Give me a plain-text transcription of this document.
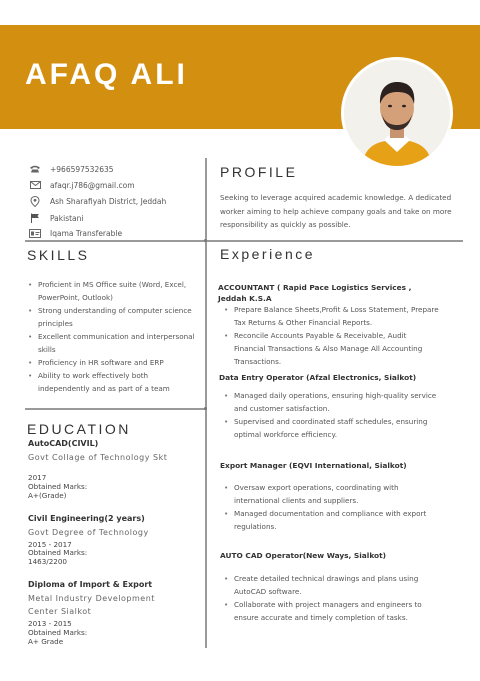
AFAQ ALI
+966597532635
afaqr.j786@gmail.com
Ash Sharafiyah District, Jeddah
Pakistani
Iqama Transferable
PROFILE

Seeking to leverage acquired academic knowledge. A dedicated worker aiming to help achieve company goals and take on more responsibility as quickly as possible.

SKILLS
• Proficient in MS Office suite (Word, Excel, PowerPoint, Outlook)
• Strong understanding of computer science principles
• Excellent communication and interpersonal skills
• Proficiency in HR software and ERP
• Ability to work effectively both independently and as part of a team
Experience

ACCOUNTANT ( Rapid Pace Logistics Services , Jeddah K.S.A

• Prepare Balance Sheets,Profit & Loss Statement, Prepare Tax Returns & Other Financial Reports.
• Reconcile Accounts Payable & Receivable, Audit Financial Transactions & Also Manage All Accounting Transactions.

Data Entry Operator (Afzal Electronics, Sialkot)

• Managed daily operations, ensuring high-quality service and customer satisfaction.
• Supervised and coordinated staff schedules, ensuring optimal workforce efficiency.

Export Manager (EQVI International, Sialkot)

• Oversaw export operations, coordinating with international clients and suppliers.
• Managed documentation and compliance with export regulations.

AUTO CAD Operator(New Ways, Sialkot)

• Create detailed technical drawings and plans using AutoCAD software.
• Collaborate with project managers and engineers to ensure accurate and timely completion of tasks.
EDUCATION

AutoCAD(CIVIL)

Govt Collage of Technology Skt

2017

Obtained Marks:

A+(Grade)

Civil Engineering(2 years)

Govt Degree of Technology

2015 - 2017

Obtained Marks:

1463/2200

Diploma of Import & Export

Metal Industry Development Center Sialkot

2013 - 2015

Obtained Marks:

A+ Grade
